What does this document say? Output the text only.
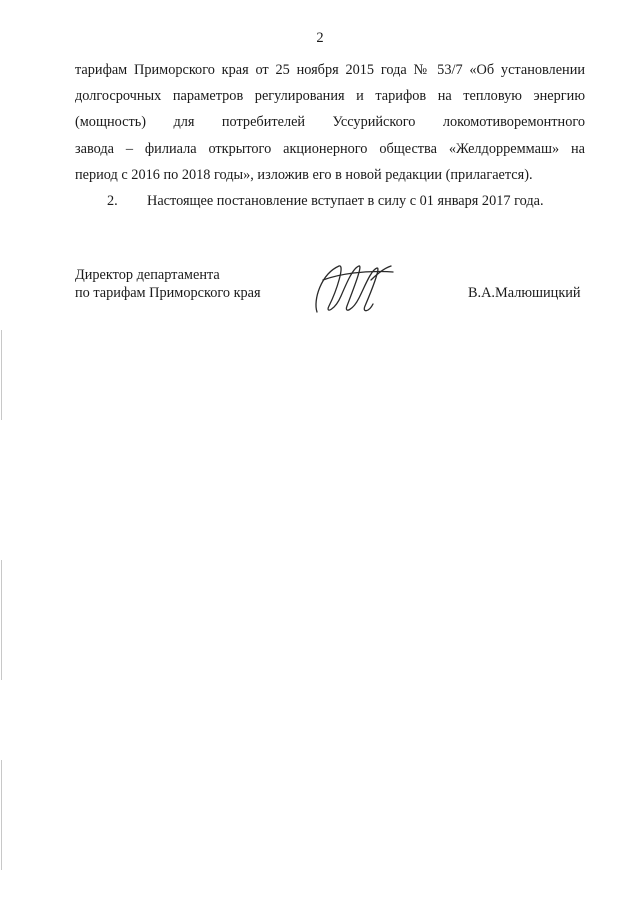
2
тарифам Приморского края от 25 ноября 2015 года № 53/7 «Об установлении
долгосрочных параметров регулирования и тарифов на тепловую энергию
(мощность) для потребителей Уссурийского локомотиворемонтного
завода – филиала открытого акционерного общества «Желдорреммаш» на
период с 2016 по 2018 годы», изложив его в новой редакции (прилагается).
2. Настоящее постановление вступает в силу с 01 января 2017 года.
Директор департамента
по тарифам Приморского края	В.А.Малюшицкий
